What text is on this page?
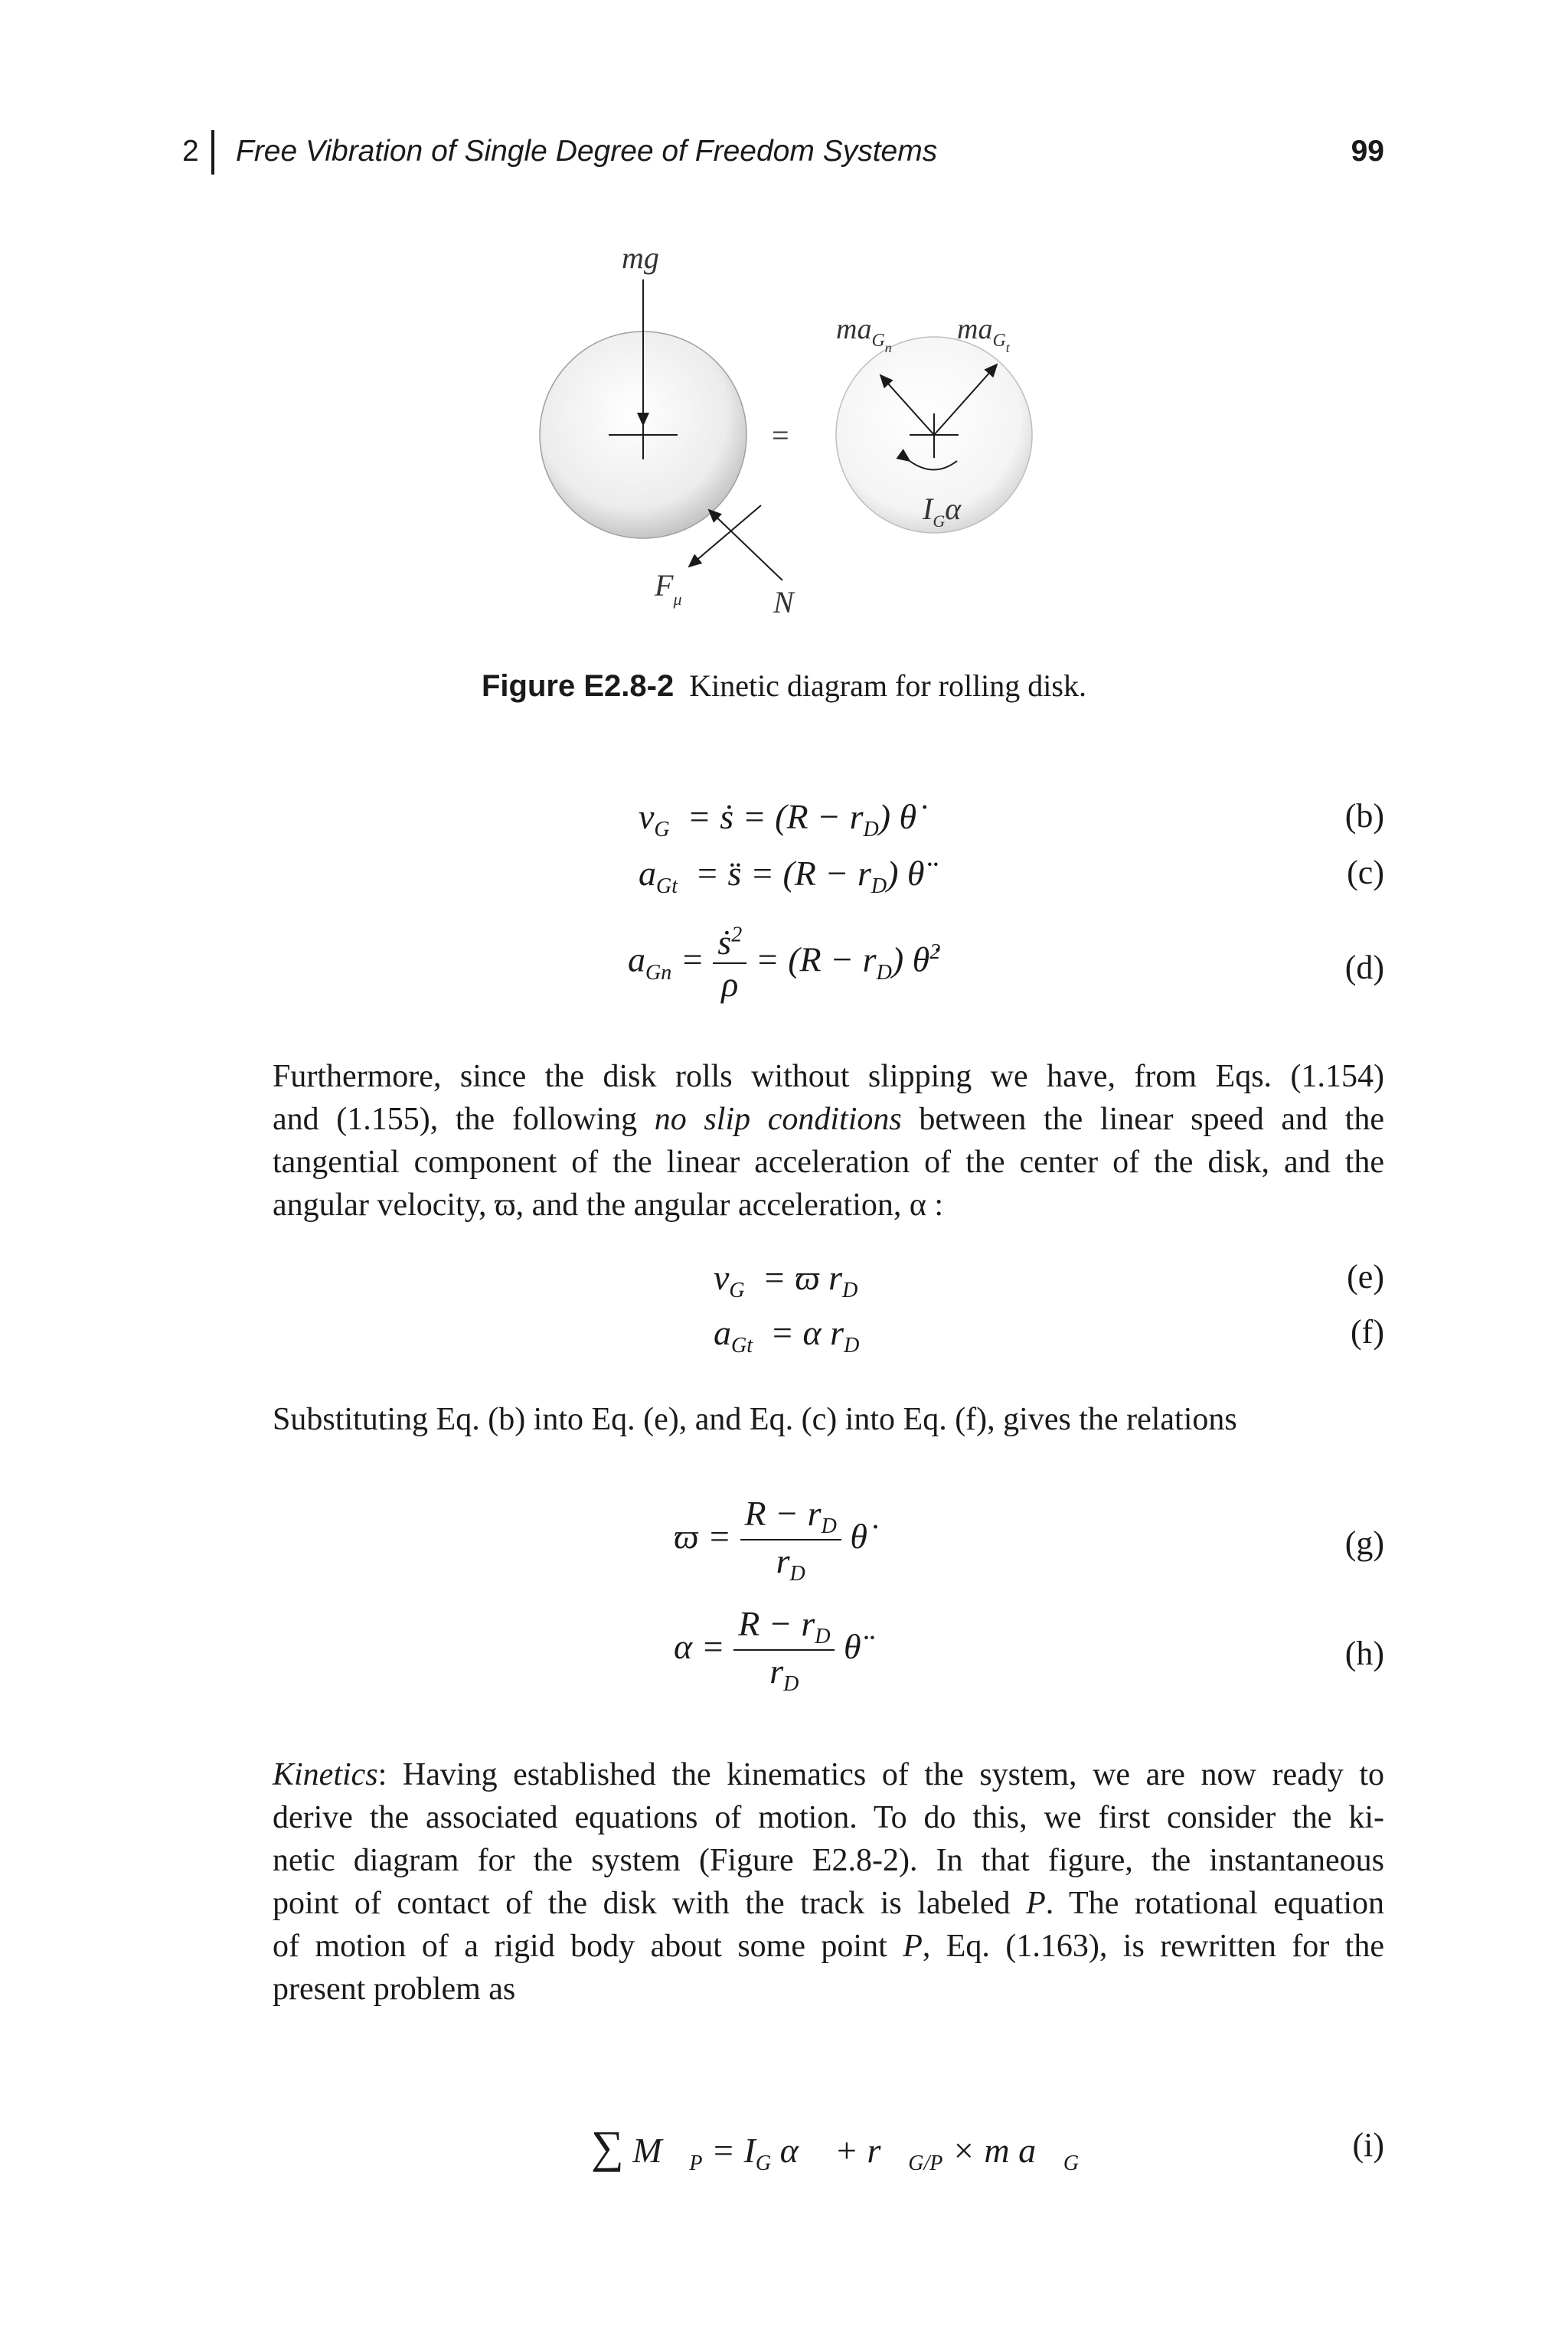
2 Free Vibration of Single Degree of Freedom Systems	99
mg
$F_\mu$	N
=
$ma_{Gn}$
$ma_{Gt}$
$I_G\alpha$
Figure E2.8-2 Kinetic diagram for rolling disk.
$v_G$  = ṡ = $(R - r_D)$ θ̇	(b)
$a_{Gt}$  = s̈ = $(R - r_D)$ θ̈	(c)
$a_{Gn} = \frac{ṡ^2}{\rho} = (R - r_D)$ θ̇$^2$	(d)
Furthermore, since the disk rolls without slipping we have, from Eqs. (1.154)
and (1.155), the following no slip conditions between the linear speed and the
tangential component of the linear acceleration of the center of the disk, and the
angular velocity, ϖ, and the angular acceleration, α :
$v_G = ϖ$ $r_D$	(e)
$a_{Gt} = \alpha$ $r_D$	(f)
Substituting Eq. (b) into Eq. (e), and Eq. (c) into Eq. (f), gives the relations
$ϖ = \frac{R - r_D}{r_D}$ θ̇	(g)
$\alpha = \frac{R - r_D}{r_D}$ θ̈	(h)
Kinetics: Having established the kinematics of the system, we are now ready to
derive the associated equations of motion. To do this, we first consider the ki-
netic diagram for the system (Figure E2.8-2). In that figure, the instantaneous
point of contact of the disk with the track is labeled P. The rotational equation
of motion of a rigid body about some point P, Eq. (1.163), is rewritten for the
present problem as
∑ $M⃗_P = I_G$ α⃗ + $r⃗_{G/P} \times m$ $a⃗_G$	(i)
